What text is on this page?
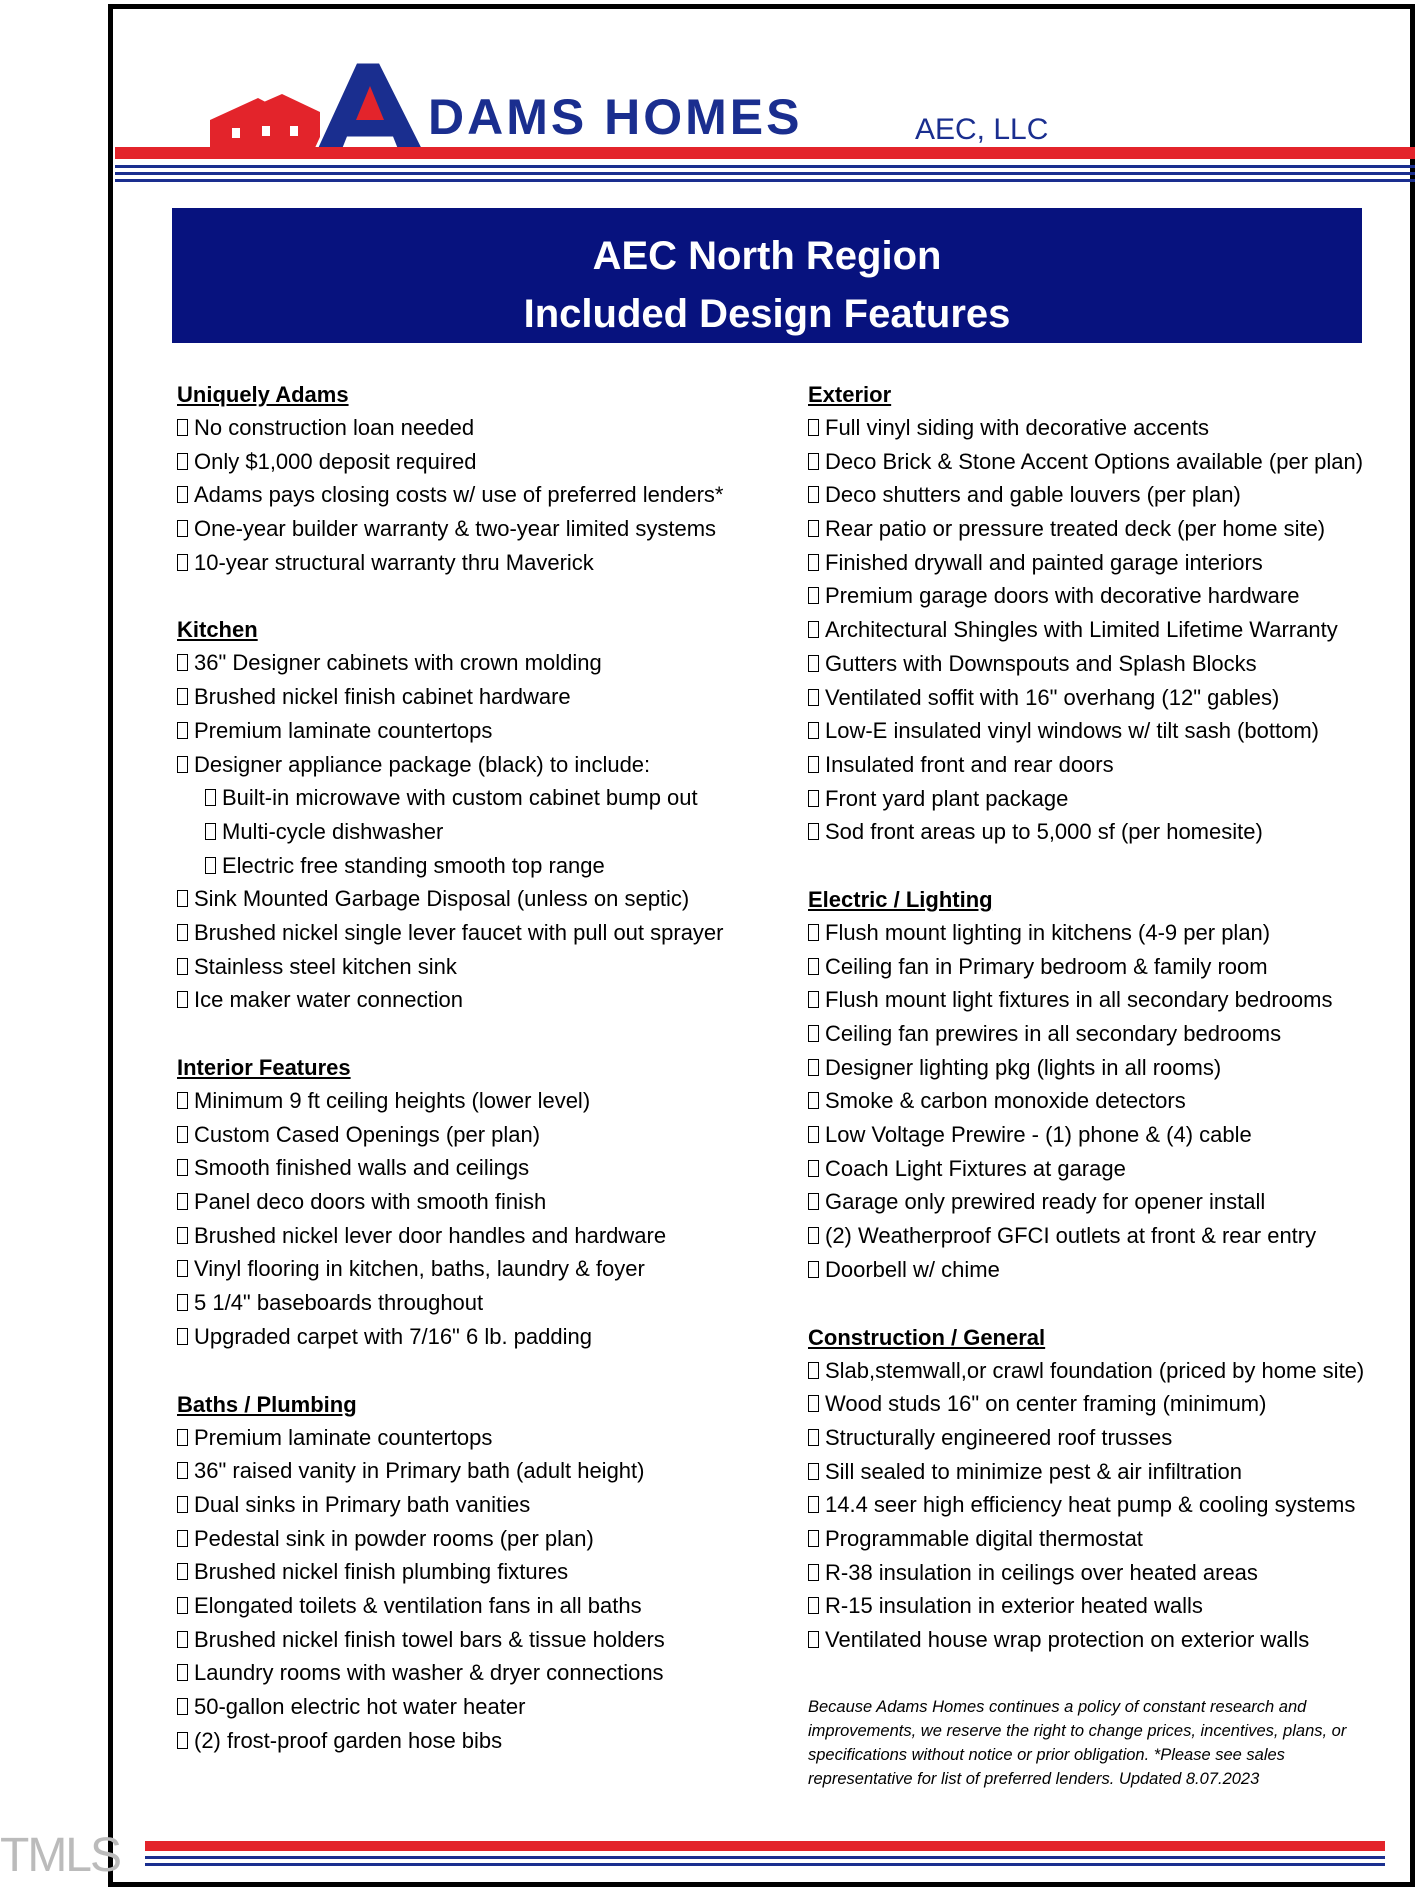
DAMS HOMES	AEC, LLC
AEC North Region
Included Design Features
Uniquely Adams
No construction loan needed
Only $1,000 deposit required
Adams pays closing costs w/ use of preferred lenders*
One-year builder warranty & two-year limited systems
10-year structural warranty thru Maverick
Kitchen
36" Designer cabinets with crown molding
Brushed nickel finish cabinet hardware
Premium laminate countertops
Designer appliance package (black) to include:
Built-in microwave with custom cabinet bump out
Multi-cycle dishwasher
Electric free standing smooth top range
Sink Mounted Garbage Disposal (unless on septic)
Brushed nickel single lever faucet with pull out sprayer
Stainless steel kitchen sink
Ice maker water connection
Interior Features
Minimum 9 ft ceiling heights (lower level)
Custom Cased Openings (per plan)
Smooth finished walls and ceilings
Panel deco doors with smooth finish
Brushed nickel lever door handles and hardware
Vinyl flooring in kitchen, baths, laundry & foyer
5 1/4" baseboards throughout
Upgraded carpet with 7/16" 6 lb. padding
Baths / Plumbing
Premium laminate countertops
36" raised vanity in Primary bath (adult height)
Dual sinks in Primary bath vanities
Pedestal sink in powder rooms (per plan)
Brushed nickel finish plumbing fixtures
Elongated toilets & ventilation fans in all baths
Brushed nickel finish towel bars & tissue holders
Laundry rooms with washer & dryer connections
50-gallon electric hot water heater
(2) frost-proof garden hose bibs
Exterior
Full vinyl siding with decorative accents
Deco Brick & Stone Accent Options available (per plan)
Deco shutters and gable louvers (per plan)
Rear patio or pressure treated deck (per home site)
Finished drywall and painted garage interiors
Premium garage doors with decorative hardware
Architectural Shingles with Limited Lifetime Warranty
Gutters with Downspouts and Splash Blocks
Ventilated soffit with 16" overhang (12" gables)
Low-E insulated vinyl windows w/ tilt sash (bottom)
Insulated front and rear doors
Front yard plant package
Sod front areas up to 5,000 sf (per homesite)
Electric / Lighting
Flush mount lighting in kitchens (4-9 per plan)
Ceiling fan in Primary bedroom & family room
Flush mount light fixtures in all secondary bedrooms
Ceiling fan prewires in all secondary bedrooms
Designer lighting pkg (lights in all rooms)
Smoke & carbon monoxide detectors
Low Voltage Prewire - (1) phone & (4) cable
Coach Light Fixtures at garage
Garage only prewired ready for opener install
(2) Weatherproof GFCI outlets at front & rear entry
Doorbell w/ chime
Construction / General
Slab,stemwall,or crawl foundation (priced by home site)
Wood studs 16" on center framing (minimum)
Structurally engineered roof trusses
Sill sealed to minimize pest & air infiltration
14.4 seer high efficiency heat pump & cooling systems
Programmable digital thermostat
R-38 insulation in ceilings over heated areas
R-15 insulation in exterior heated walls
Ventilated house wrap protection on exterior walls
Because Adams Homes continues a policy of constant research and improvements, we reserve the right to change prices, incentives, plans, or specifications without notice or prior obligation. *Please see sales representative for list of preferred lenders. Updated 8.07.2023
TMLS
